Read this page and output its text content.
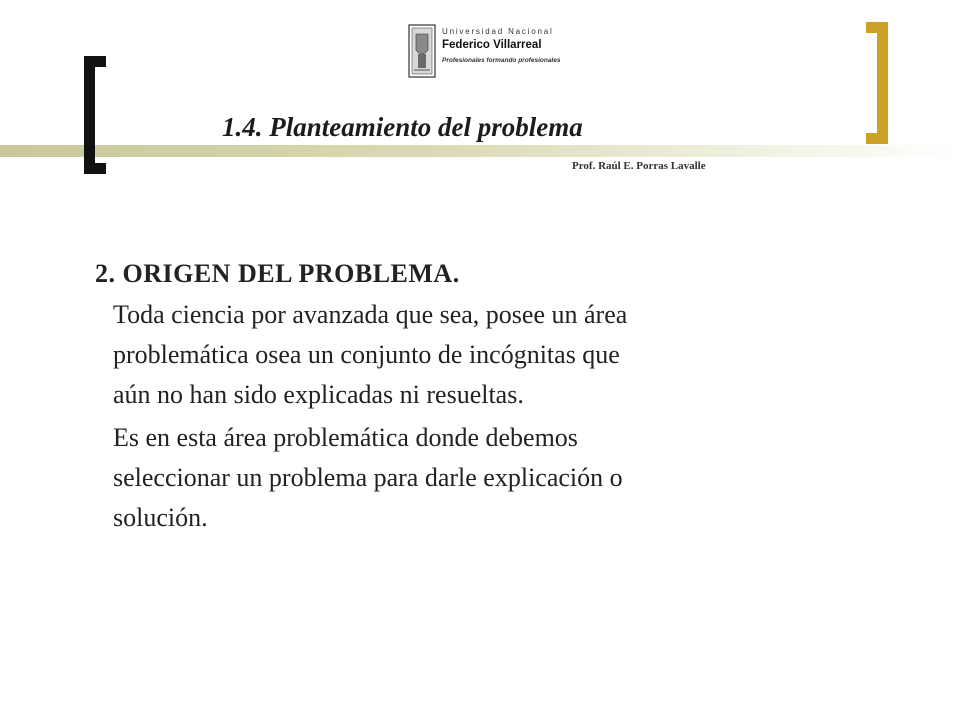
Universidad Nacional
Federico Villarreal
Profesionales formando profesionales
1.4. Planteamiento del problema
Prof. Raúl E. Porras Lavalle

2. ORIGEN DEL PROBLEMA.

Toda ciencia por avanzada que sea, posee un área
problemática osea un conjunto de incógnitas que
aún no han sido explicadas ni resueltas.

Es en esta área problemática donde debemos
seleccionar un problema para darle explicación o
solución.
